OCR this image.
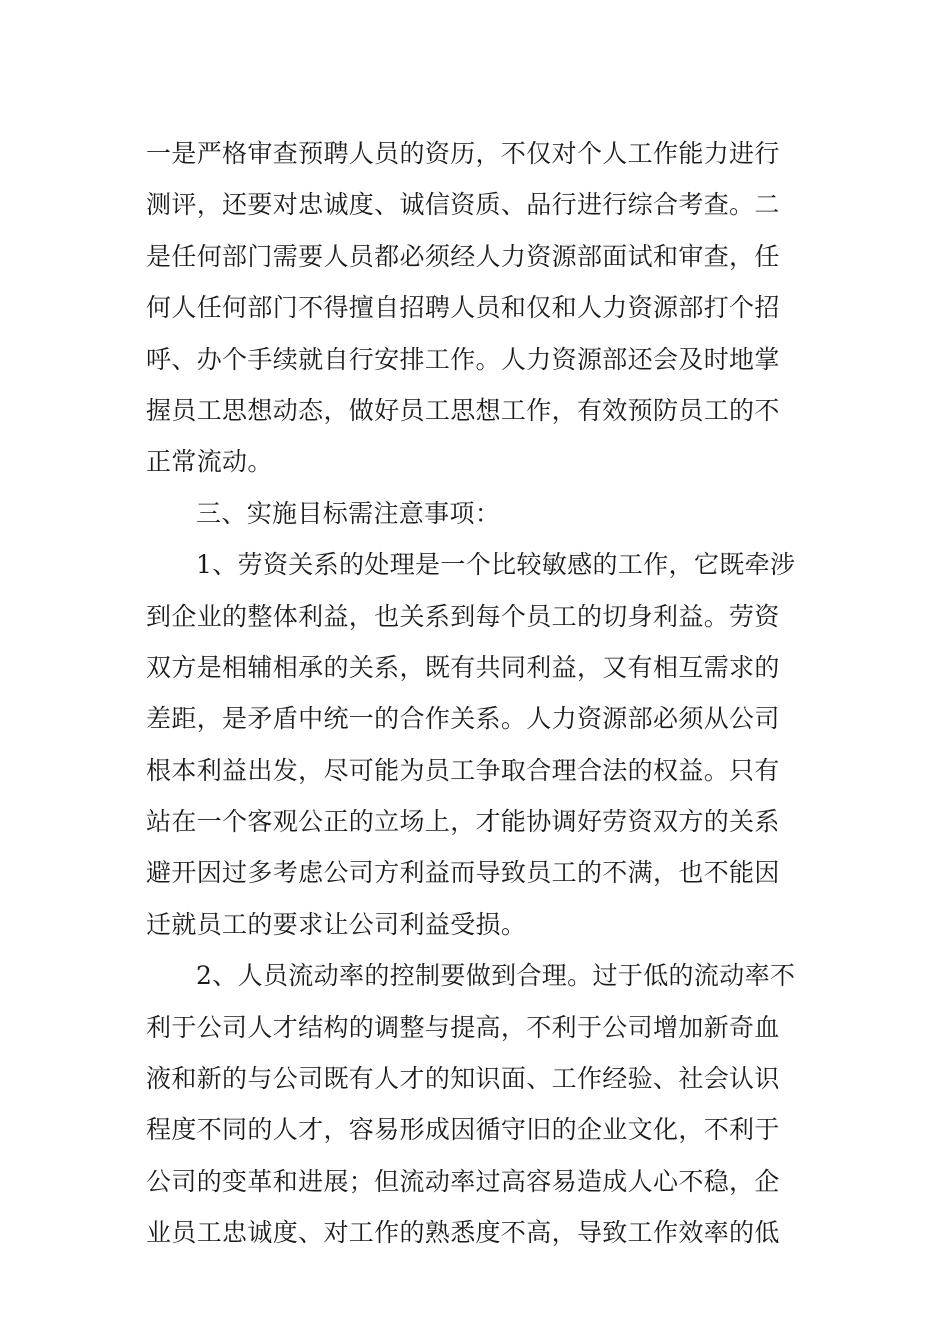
一是严格审查预聘人员的资历，不仅对个人工作能力进行
测评，还要对忠诚度、诚信资质、品行进行综合考查。二
是任何部门需要人员都必须经人力资源部面试和审查，任
何人任何部门不得擅自招聘人员和仅和人力资源部打个招
呼、办个手续就自行安排工作。人力资源部还会及时地掌
握员工思想动态，做好员工思想工作，有效预防员工的不
正常流动。
三、实施目标需注意事项：
1、劳资关系的处理是一个比较敏感的工作，它既牵涉
到企业的整体利益，也关系到每个员工的切身利益。劳资
双方是相辅相承的关系，既有共同利益，又有相互需求的
差距，是矛盾中统一的合作关系。人力资源部必须从公司
根本利益出发，尽可能为员工争取合理合法的权益。只有
站在一个客观公正的立场上，才能协调好劳资双方的关系
避开因过多考虑公司方利益而导致员工的不满，也不能因
迁就员工的要求让公司利益受损。
2、人员流动率的控制要做到合理。过于低的流动率不
利于公司人才结构的调整与提高，不利于公司增加新奇血
液和新的与公司既有人才的知识面、工作经验、社会认识
程度不同的人才，容易形成因循守旧的企业文化，不利于
公司的变革和进展；但流动率过高容易造成人心不稳，企
业员工忠诚度、对工作的熟悉度不高，导致工作效率的低
